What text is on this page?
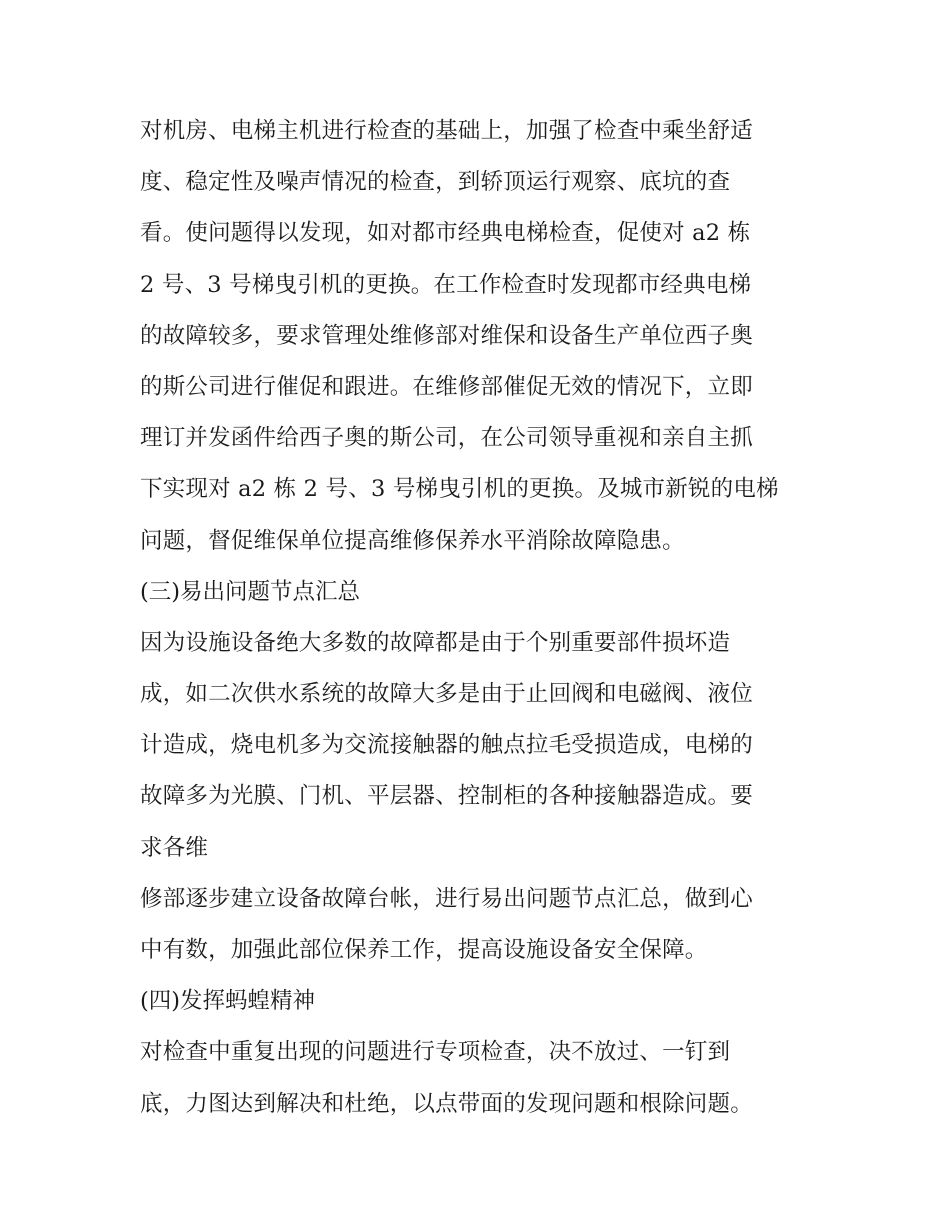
对机房、电梯主机进行检查的基础上，加强了检查中乘坐舒适
度、稳定性及噪声情况的检查，到轿顶运行观察、底坑的查
看。使问题得以发现，如对都市经典电梯检查，促使对 a2 栋
2 号、3 号梯曳引机的更换。在工作检查时发现都市经典电梯
的故障较多，要求管理处维修部对维保和设备生产单位西子奥
的斯公司进行催促和跟进。在维修部催促无效的情况下，立即
理订并发函件给西子奥的斯公司，在公司领导重视和亲自主抓
下实现对 a2 栋 2 号、3 号梯曳引机的更换。及城市新锐的电梯
问题，督促维保单位提高维修保养水平消除故障隐患。
(三)易出问题节点汇总
因为设施设备绝大多数的故障都是由于个别重要部件损坏造
成，如二次供水系统的故障大多是由于止回阀和电磁阀、液位
计造成，烧电机多为交流接触器的触点拉毛受损造成，电梯的
故障多为光膜、门机、平层器、控制柜的各种接触器造成。要
求各维
修部逐步建立设备故障台帐，进行易出问题节点汇总，做到心
中有数，加强此部位保养工作，提高设施设备安全保障。
(四)发挥蚂蝗精神
对检查中重复出现的问题进行专项检查，决不放过、一钉到
底，力图达到解决和杜绝，以点带面的发现问题和根除问题。
